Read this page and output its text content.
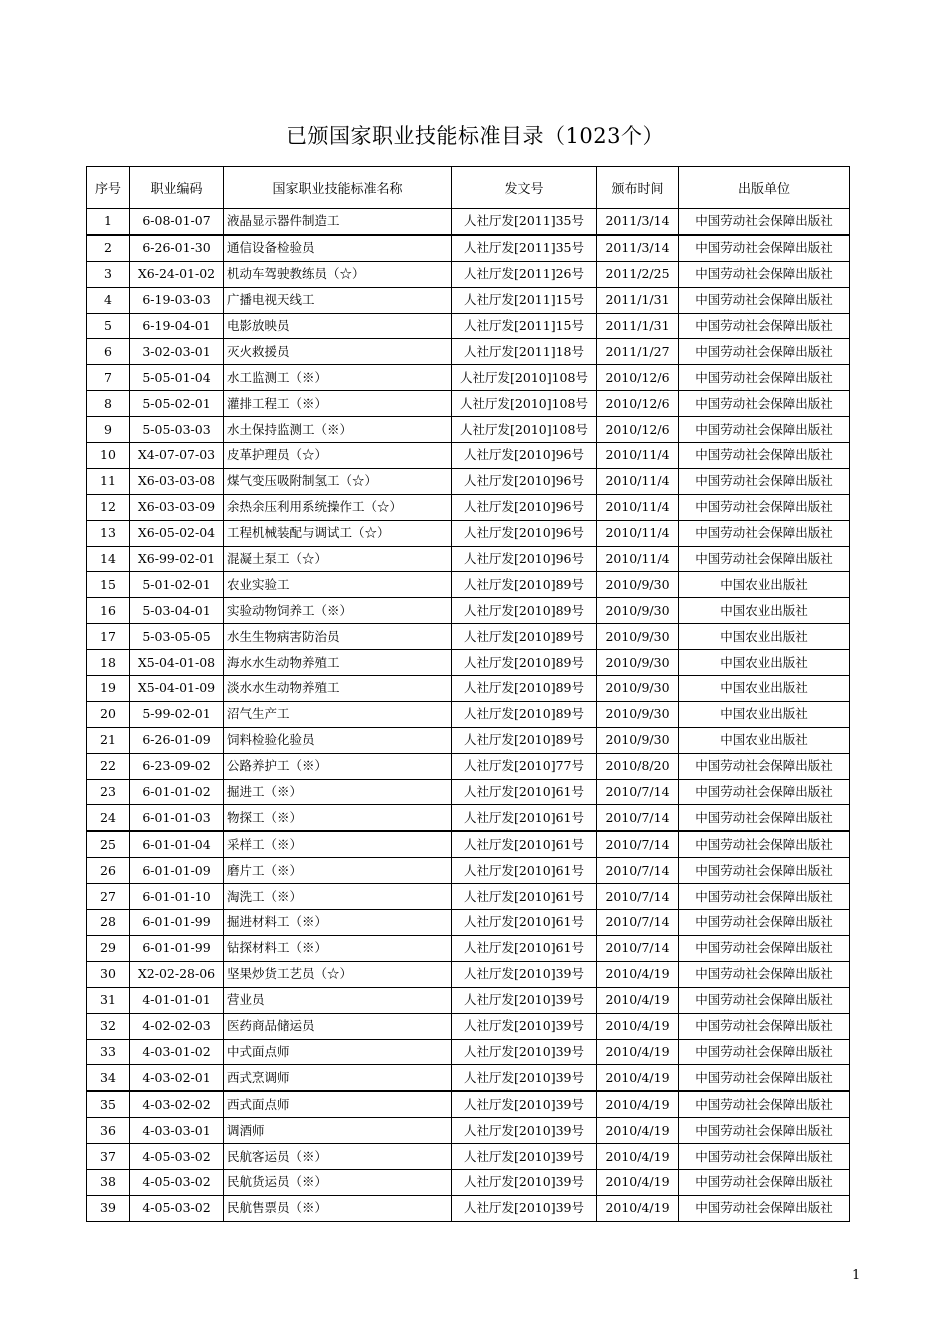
已颁国家职业技能标准目录（1023个）
序号	职业编码	国家职业技能标准名称	发文号	颁布时间	出版单位
1	6-08-01-07	液晶显示器件制造工	人社厅发[2011]35号	2011/3/14	中国劳动社会保障出版社
2	6-26-01-30	通信设备检验员	人社厅发[2011]35号	2011/3/14	中国劳动社会保障出版社
3	X6-24-01-02	机动车驾驶教练员（☆）	人社厅发[2011]26号	2011/2/25	中国劳动社会保障出版社
4	6-19-03-03	广播电视天线工	人社厅发[2011]15号	2011/1/31	中国劳动社会保障出版社
5	6-19-04-01	电影放映员	人社厅发[2011]15号	2011/1/31	中国劳动社会保障出版社
6	3-02-03-01	灭火救援员	人社厅发[2011]18号	2011/1/27	中国劳动社会保障出版社
7	5-05-01-04	水工监测工（※）	人社厅发[2010]108号	2010/12/6	中国劳动社会保障出版社
8	5-05-02-01	灌排工程工（※）	人社厅发[2010]108号	2010/12/6	中国劳动社会保障出版社
9	5-05-03-03	水土保持监测工（※）	人社厅发[2010]108号	2010/12/6	中国劳动社会保障出版社
10	X4-07-07-03	皮革护理员（☆）	人社厅发[2010]96号	2010/11/4	中国劳动社会保障出版社
11	X6-03-03-08	煤气变压吸附制氢工（☆）	人社厅发[2010]96号	2010/11/4	中国劳动社会保障出版社
12	X6-03-03-09	余热余压利用系统操作工（☆）	人社厅发[2010]96号	2010/11/4	中国劳动社会保障出版社
13	X6-05-02-04	工程机械装配与调试工（☆）	人社厅发[2010]96号	2010/11/4	中国劳动社会保障出版社
14	X6-99-02-01	混凝土泵工（☆）	人社厅发[2010]96号	2010/11/4	中国劳动社会保障出版社
15	5-01-02-01	农业实验工	人社厅发[2010]89号	2010/9/30	中国农业出版社
16	5-03-04-01	实验动物饲养工（※）	人社厅发[2010]89号	2010/9/30	中国农业出版社
17	5-03-05-05	水生生物病害防治员	人社厅发[2010]89号	2010/9/30	中国农业出版社
18	X5-04-01-08	海水水生动物养殖工	人社厅发[2010]89号	2010/9/30	中国农业出版社
19	X5-04-01-09	淡水水生动物养殖工	人社厅发[2010]89号	2010/9/30	中国农业出版社
20	5-99-02-01	沼气生产工	人社厅发[2010]89号	2010/9/30	中国农业出版社
21	6-26-01-09	饲料检验化验员	人社厅发[2010]89号	2010/9/30	中国农业出版社
22	6-23-09-02	公路养护工（※）	人社厅发[2010]77号	2010/8/20	中国劳动社会保障出版社
23	6-01-01-02	掘进工（※）	人社厅发[2010]61号	2010/7/14	中国劳动社会保障出版社
24	6-01-01-03	物探工（※）	人社厅发[2010]61号	2010/7/14	中国劳动社会保障出版社
25	6-01-01-04	采样工（※）	人社厅发[2010]61号	2010/7/14	中国劳动社会保障出版社
26	6-01-01-09	磨片工（※）	人社厅发[2010]61号	2010/7/14	中国劳动社会保障出版社
27	6-01-01-10	淘洗工（※）	人社厅发[2010]61号	2010/7/14	中国劳动社会保障出版社
28	6-01-01-99	掘进材料工（※）	人社厅发[2010]61号	2010/7/14	中国劳动社会保障出版社
29	6-01-01-99	钻探材料工（※）	人社厅发[2010]61号	2010/7/14	中国劳动社会保障出版社
30	X2-02-28-06	坚果炒货工艺员（☆）	人社厅发[2010]39号	2010/4/19	中国劳动社会保障出版社
31	4-01-01-01	营业员	人社厅发[2010]39号	2010/4/19	中国劳动社会保障出版社
32	4-02-02-03	医药商品储运员	人社厅发[2010]39号	2010/4/19	中国劳动社会保障出版社
33	4-03-01-02	中式面点师	人社厅发[2010]39号	2010/4/19	中国劳动社会保障出版社
34	4-03-02-01	西式烹调师	人社厅发[2010]39号	2010/4/19	中国劳动社会保障出版社
35	4-03-02-02	西式面点师	人社厅发[2010]39号	2010/4/19	中国劳动社会保障出版社
36	4-03-03-01	调酒师	人社厅发[2010]39号	2010/4/19	中国劳动社会保障出版社
37	4-05-03-02	民航客运员（※）	人社厅发[2010]39号	2010/4/19	中国劳动社会保障出版社
38	4-05-03-02	民航货运员（※）	人社厅发[2010]39号	2010/4/19	中国劳动社会保障出版社
39	4-05-03-02	民航售票员（※）	人社厅发[2010]39号	2010/4/19	中国劳动社会保障出版社
1
